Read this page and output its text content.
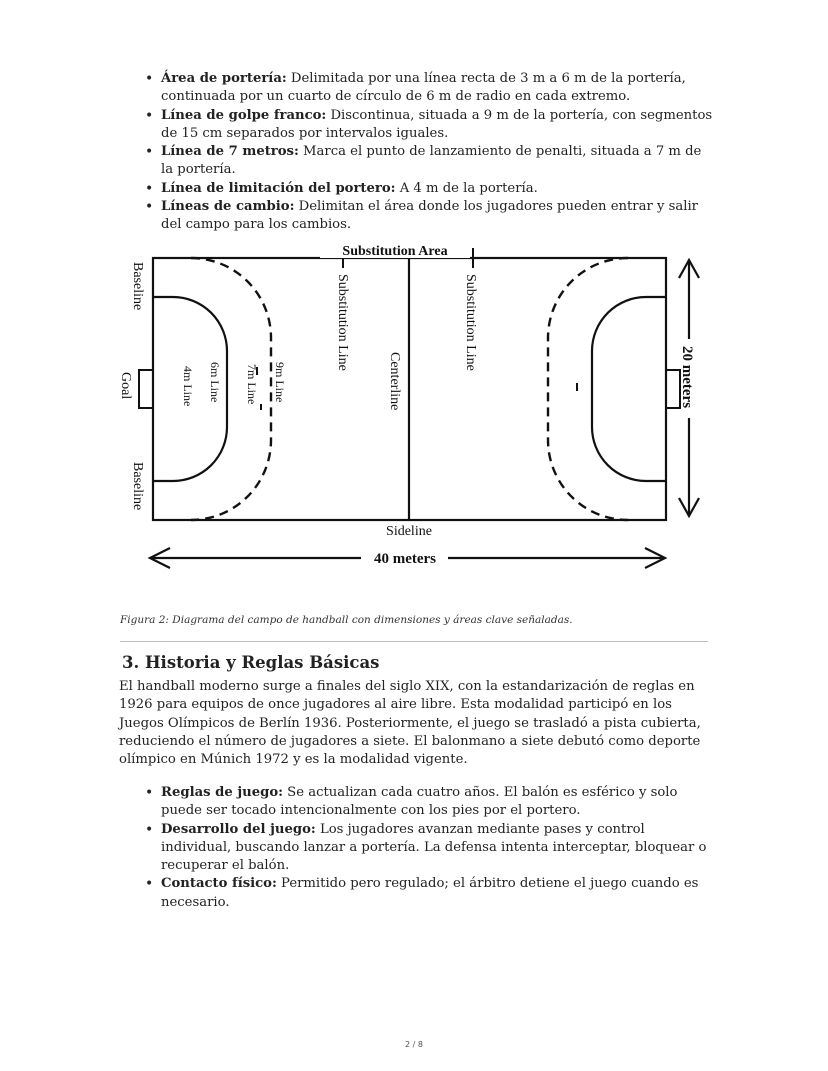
• Área de portería: Delimitada por una línea recta de 3 m a 6 m de la portería, continuada por un cuarto de círculo de 6 m de radio en cada extremo.
• Línea de golpe franco: Discontinua, situada a 9 m de la portería, con segmentos de 15 cm separados por intervalos iguales.
• Línea de 7 metros: Marca el punto de lanzamiento de penalti, situada a 7 m de la portería.
• Línea de limitación del portero: A 4 m de la portería.
• Líneas de cambio: Delimitan el área donde los jugadores pueden entrar y salir del campo para los cambios.
Substitution Area
Substitution Line	Substitution Line
Centerline
Baseline
Baseline
Goal	9m Line
7m Line
6m Line
4m Line	20 meters
Sideline
40 meters
Figura 2: Diagrama del campo de handball con dimensiones y áreas clave señaladas.
3. Historia y Reglas Básicas

El handball moderno surge a finales del siglo XIX, con la estandarización de reglas en 1926 para equipos de once jugadores al aire libre. Esta modalidad participó en los Juegos Olímpicos de Berlín 1936. Posteriormente, el juego se trasladó a pista cubierta, reduciendo el número de jugadores a siete. El balonmano a siete debutó como deporte olímpico en Múnich 1972 y es la modalidad vigente.

• Reglas de juego: Se actualizan cada cuatro años. El balón es esférico y solo puede ser tocado intencionalmente con los pies por el portero.
• Desarrollo del juego: Los jugadores avanzan mediante pases y control individual, buscando lanzar a portería. La defensa intenta interceptar, bloquear o recuperar el balón.
• Contacto físico: Permitido pero regulado; el árbitro detiene el juego cuando es necesario.
2 / 8
